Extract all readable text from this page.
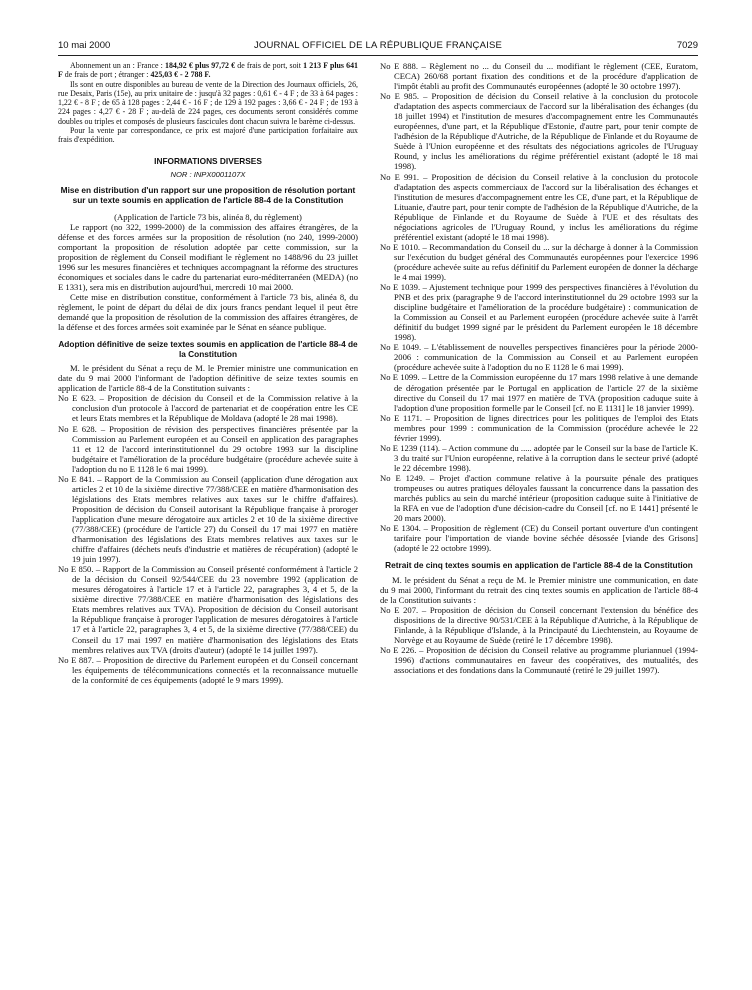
10 mai 2000	JOURNAL OFFICIEL DE LA RÉPUBLIQUE FRANÇAISE	7029

Abonnement un an : France : 184,92 € plus 97,72 € de frais de port, soit 1 213 F plus 641 F de frais de port ; étranger : 425,03 € - 2 788 F.

Ils sont en outre disponibles au bureau de vente de la Direction des Journaux officiels, 26, rue Desaix, Paris (15e), au prix unitaire de : jusqu'à 32 pages : 0,61 € - 4 F ; de 33 à 64 pages : 1,22 € - 8 F ; de 65 à 128 pages : 2,44 € - 16 F ; de 129 à 192 pages : 3,66 € - 24 F ; de 193 à 224 pages : 4,27 € - 28 F ; au-delà de 224 pages, ces documents seront considérés comme doubles ou triples et composés de plusieurs fascicules dont chacun suivra le barème ci-dessus.

Pour la vente par correspondance, ce prix est majoré d'une participation forfaitaire aux frais d'expédition.

INFORMATIONS DIVERSES

NOR : INPX0001107X

Mise en distribution d'un rapport sur une proposition de résolution portant sur un texte soumis en application de l'article 88-4 de la Constitution

(Application de l'article 73 bis, alinéa 8, du règlement)

Le rapport (no 322, 1999-2000) de la commission des affaires étrangères, de la défense et des forces armées sur la proposition de résolution (no 240, 1999-2000) comportant la proposition de résolution adoptée par cette commission, sur la proposition de règlement du Conseil modifiant le règlement no 1488/96 du 23 juillet 1996 sur les mesures financières et techniques accompagnant la réforme des structures économiques et sociales dans le cadre du partenariat euro-méditerranéen (MEDA) (no E 1331), sera mis en distribution aujourd'hui, mercredi 10 mai 2000.

Cette mise en distribution constitue, conformément à l'article 73 bis, alinéa 8, du règlement, le point de départ du délai de dix jours francs pendant lequel il peut être demandé que la proposition de résolution de la commission des affaires étrangères, de la défense et des forces armées soit examinée par le Sénat en séance publique.

Adoption définitive de seize textes soumis en application de l'article 88-4 de la Constitution

M. le président du Sénat a reçu de M. le Premier ministre une communication en date du 9 mai 2000 l'informant de l'adoption définitive de seize textes soumis en application de l'article 88-4 de la Constitution suivants :

No E 623. – Proposition de décision du Conseil et de la Commission relative à la conclusion d'un protocole à l'accord de partenariat et de coopération entre les CE et leurs Etats membres et la République de Moldava (adopté le 28 mai 1998).

No E 628. – Proposition de révision des perspectives financières présentée par la Commission au Parlement européen et au Conseil en application des paragraphes 11 et 12 de l'accord interinstitutionnel du 29 octobre 1993 sur la discipline budgétaire et l'amélioration de la procédure budgétaire (procédure achevée suite à l'adoption du no E 1128 le 6 mai 1999).

No E 841. – Rapport de la Commission au Conseil (application d'une dérogation aux articles 2 et 10 de la sixième directive 77/388/CEE en matière d'harmonisation des législations des Etats membres relatives aux taxes sur le chiffre d'affaires). Proposition de décision du Conseil autorisant la République française à proroger l'application d'une mesure dérogatoire aux articles 2 et 10 de la sixième directive (77/388/CEE) (procédure de l'article 27) du Conseil du 17 mai 1977 en matière d'harmonisation des législations des Etats membres relatives aux taxes sur le chiffre d'affaires (déchets neufs d'industrie et matières de récupération) (adopté le 19 juin 1997).

No E 850. – Rapport de la Commission au Conseil présenté conformément à l'article 2 de la décision du Conseil 92/544/CEE du 23 novembre 1992 (application de mesures dérogatoires à l'article 17 et à l'article 22, paragraphes 3, 4 et 5, de la sixième directive 77/388/CEE en matière d'harmonisation des législations des Etats membres relatives aux TVA). Proposition de décision du Conseil autorisant la République française à proroger l'application de mesures dérogatoires à l'article 17 et à l'article 22, paragraphes 3, 4 et 5, de la sixième directive (77/388/CEE) du Conseil du 17 mai 1997 en matière d'harmonisation des législations des Etats membres relatives aux TVA (droits d'auteur) (adopté le 14 juillet 1997).

No E 887. – Proposition de directive du Parlement européen et du Conseil concernant les équipements de télécommunications connectés et la reconnaissance mutuelle de la conformité de ces équipements (adopté le 9 mars 1999).

No E 888. – Règlement no ... du Conseil du ... modifiant le règlement (CEE, Euratom, CECA) 260/68 portant fixation des conditions et de la procédure d'application de l'impôt établi au profit des Communautés européennes (adopté le 30 octobre 1997).

No E 985. – Proposition de décision du Conseil relative à la conclusion du protocole d'adaptation des aspects commerciaux de l'accord sur la libéralisation des échanges (du 18 juillet 1994) et l'institution de mesures d'accompagnement entre les Communautés européennes, d'une part, et la République d'Estonie, d'autre part, pour tenir compte de l'adhésion de la République d'Autriche, de la République de Finlande et du Royaume de Suède à l'Union européenne et des résultats des négociations agricoles de l'Uruguay Round, y inclus les améliorations du régime préférentiel existant (adopté le 18 mai 1998).

No E 991. – Proposition de décision du Conseil relative à la conclusion du protocole d'adaptation des aspects commerciaux de l'accord sur la libéralisation des échanges et l'institution de mesures d'accompagnement entre les CE, d'une part, et la République de Lituanie, d'autre part, pour tenir compte de l'adhésion de la République d'Autriche, de la République de Finlande et du Royaume de Suède à l'UE et des résultats des négociations agricoles de l'Uruguay Round, y inclus les améliorations du régime préférentiel existant (adopté le 18 mai 1998).

No E 1010. – Recommandation du Conseil du ... sur la décharge à donner à la Commission sur l'exécution du budget général des Communautés européennes pour l'exercice 1996 (procédure achevée suite au refus définitif du Parlement européen de donner la décharge le 4 mai 1999).

No E 1039. – Ajustement technique pour 1999 des perspectives financières à l'évolution du PNB et des prix (paragraphe 9 de l'accord interinstitutionnel du 29 octobre 1993 sur la discipline budgétaire et l'amélioration de la procédure budgétaire) : communication de la Commission au Conseil et au Parlement européen (procédure achevée suite à l'arrêt définitif du budget 1999 signé par le président du Parlement européen le 18 décembre 1998).

No E 1049. – L'établissement de nouvelles perspectives financières pour la période 2000-2006 : communication de la Commission au Conseil et au Parlement européen (procédure achevée suite à l'adoption du no E 1128 le 6 mai 1999).

No E 1099. – Lettre de la Commission européenne du 17 mars 1998 relative à une demande de dérogation présentée par le Portugal en application de l'article 27 de la sixième directive du Conseil du 17 mai 1977 en matière de TVA (proposition caduque suite à l'adoption d'une proposition formelle par le Conseil [cf. no E 1131] le 18 janvier 1999).

No E 1171. – Proposition de lignes directrices pour les politiques de l'emploi des Etats membres pour 1999 : communication de la Commission (procédure achevée le 22 février 1999).

No E 1239 (114). – Action commune du ..... adoptée par le Conseil sur la base de l'article K. 3 du traité sur l'Union européenne, relative à la corruption dans le secteur privé (adopté le 22 décembre 1998).

No E 1249. – Projet d'action commune relative à la poursuite pénale des pratiques trompeuses ou autres pratiques déloyales faussant la concurrence dans la passation des marchés publics au sein du marché intérieur (proposition caduque suite à l'initiative de la RFA en vue de l'adoption d'une décision-cadre du Conseil [cf. no E 1441] présenté le 20 mars 2000).

No E 1304. – Proposition de règlement (CE) du Conseil portant ouverture d'un contingent tarifaire pour l'importation de viande bovine séchée désossée [viande des Grisons] (adopté le 22 octobre 1999).

Retrait de cinq textes soumis en application de l'article 88-4 de la Constitution

M. le président du Sénat a reçu de M. le Premier ministre une communication, en date du 9 mai 2000, l'informant du retrait des cinq textes soumis en application de l'article 88-4 de la Constitution suivants :

No E 207. – Proposition de décision du Conseil concernant l'extension du bénéfice des dispositions de la directive 90/531/CEE à la République d'Autriche, à la République de Finlande, à la République d'Islande, à la Principauté du Liechtenstein, au Royaume de Norvège et au Royaume de Suède (retiré le 17 décembre 1998).

No E 226. – Proposition de décision du Conseil relative au programme pluriannuel (1994-1996) d'actions communautaires en faveur des coopératives, des mutualités, des associations et des fondations dans la Communauté (retiré le 29 juillet 1997).
